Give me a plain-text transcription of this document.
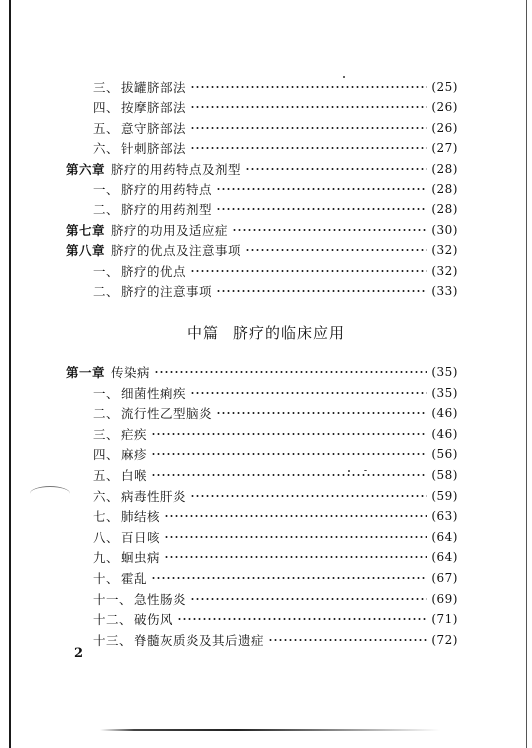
三、 拔罐脐部法	(25)
四、 按摩脐部法	(26)
五、 意守脐部法	(26)
六、 针刺脐部法	(27)
第六章 脐疗的用药特点及剂型	(28)
一、 脐疗的用药特点	(28)
二、 脐疗的用药剂型	(28)
第七章 脐疗的功用及适应症	(30)
第八章 脐疗的优点及注意事项	(32)
一、 脐疗的优点	(32)
二、 脐疗的注意事项	(33)
中篇 脐疗的临床应用
第一章 传染病	(35)
一、 细菌性痢疾	(35)
二、 流行性乙型脑炎	(46)
三、 疟疾	(46)
四、 麻疹	(56)
五、 白喉	(58)
六、 病毒性肝炎	(59)
七、 肺结核	(63)
八、 百日咳	(64)
九、 蛔虫病	(64)
十、 霍乱	(67)
十一、 急性肠炎	(69)
十二、 破伤风	(71)
十三、 脊髓灰质炎及其后遗症	(72)
2
